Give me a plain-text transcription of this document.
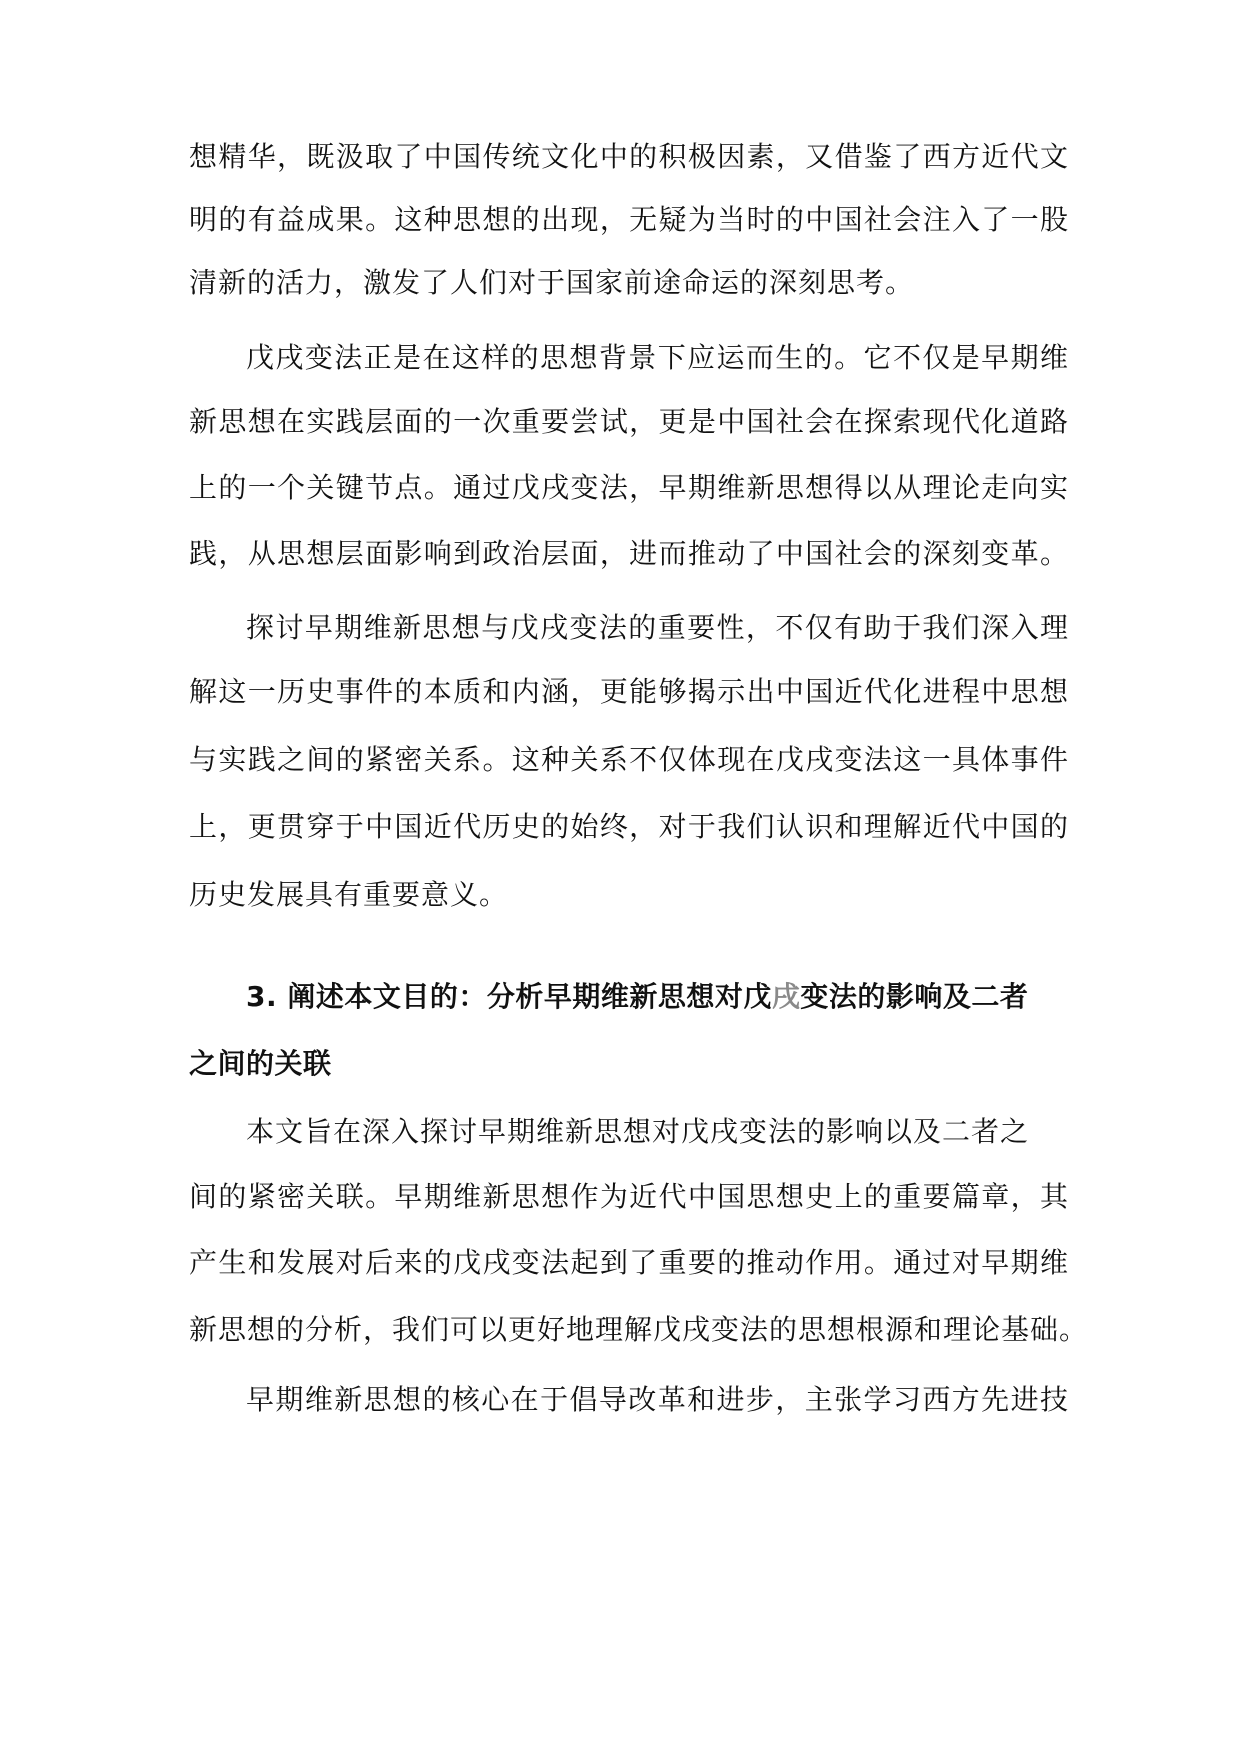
想精华，既汲取了中国传统文化中的积极因素，又借鉴了西方近代文
明的有益成果。这种思想的出现，无疑为当时的中国社会注入了一股
清新的活力，激发了人们对于国家前途命运的深刻思考。
戊戌变法正是在这样的思想背景下应运而生的。它不仅是早期维
新思想在实践层面的一次重要尝试，更是中国社会在探索现代化道路
上的一个关键节点。通过戊戌变法，早期维新思想得以从理论走向实
践，从思想层面影响到政治层面，进而推动了中国社会的深刻变革。
探讨早期维新思想与戊戌变法的重要性，不仅有助于我们深入理
解这一历史事件的本质和内涵，更能够揭示出中国近代化进程中思想
与实践之间的紧密关系。这种关系不仅体现在戊戌变法这一具体事件
上，更贯穿于中国近代历史的始终，对于我们认识和理解近代中国的
历史发展具有重要意义。
3. 阐述本文目的：分析早期维新思想对戊戌变法的影响及二者
之间的关联
本文旨在深入探讨早期维新思想对戊戌变法的影响以及二者之
间的紧密关联。早期维新思想作为近代中国思想史上的重要篇章，其
产生和发展对后来的戊戌变法起到了重要的推动作用。通过对早期维
新思想的分析，我们可以更好地理解戊戌变法的思想根源和理论基础。
早期维新思想的核心在于倡导改革和进步，主张学习西方先进技
